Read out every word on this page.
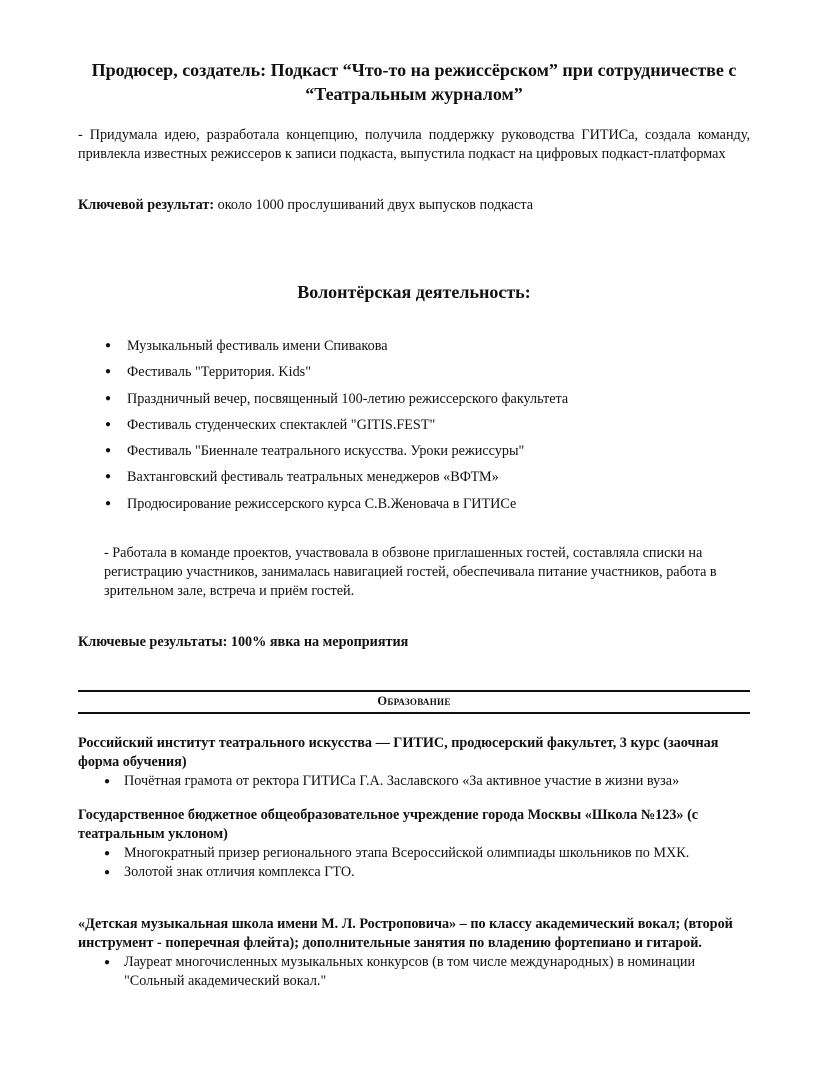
Продюсер, создатель: Подкаст “Что-то на режиссёрском” при сотрудничестве с “Театральным журналом”
- Придумала идею, разработала концепцию, получила поддержку руководства ГИТИСа, создала команду, привлекла известных режиссеров к записи подкаста, выпустила подкаст на цифровых подкаст-платформах
Ключевой результат: около 1000 прослушиваний двух выпусков подкаста
Волонтёрская деятельность:
● Музыкальный фестиваль имени Спивакова
● Фестиваль "Территория. Kids"
● Праздничный вечер, посвященный 100-летию режиссерского факультета
● Фестиваль студенческих спектаклей "GITIS.FEST"
● Фестиваль "Биеннале театрального искусства. Уроки режиссуры"
● Вахтанговский фестиваль театральных менеджеров «ВФТМ»
● Продюсирование режиссерского курса С.В.Женовача в ГИТИСе
- Работала в команде проектов, участвовала в обзвоне приглашенных гостей, составляла списки на регистрацию участников, занималась навигацией гостей, обеспечивала питание участников, работа в зрительном зале, встреча и приём гостей.
Ключевые результаты: 100% явка на мероприятия
Образование
Российский институт театрального искусства — ГИТИС, продюсерский факультет, 3 курс (заочная форма обучения)
● Почётная грамота от ректора ГИТИСа Г.А. Заславского «За активное участие в жизни вуза»
Государственное бюджетное общеобразовательное учреждение города Москвы «Школа №123» (с театральным уклоном)
● Многократный призер регионального этапа Всероссийской олимпиады школьников по МХК.
● Золотой знак отличия комплекса ГТО.
«Детская музыкальная школа имени М. Л. Ростроповича» – по классу академический вокал; (второй инструмент - поперечная флейта); дополнительные занятия по владению фортепиано и гитарой.
● Лауреат многочисленных музыкальных конкурсов (в том числе международных) в номинации "Сольный академический вокал."
